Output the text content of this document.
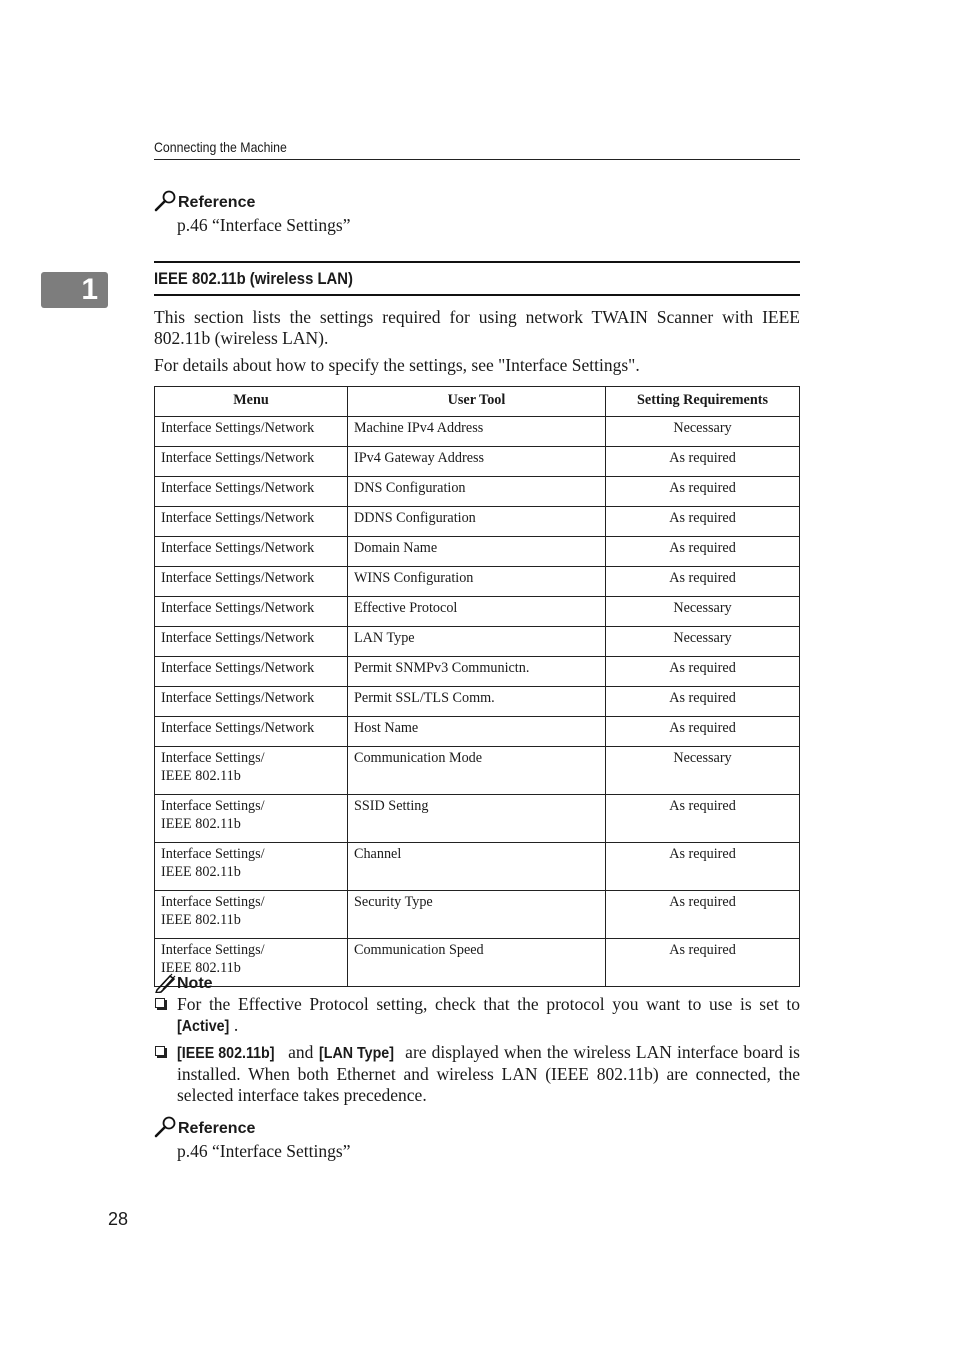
Connecting the Machine
Reference
p.46 “Interface Settings”
1	IEEE 802.11b (wireless LAN)
This section lists the settings required for using network TWAIN Scanner with IEEE 802.11b (wireless LAN).
For details about how to specify the settings, see "Interface Settings".
Menu	User Tool	Setting Requirements
Interface Settings/Network	Machine IPv4 Address	Necessary
Interface Settings/Network	IPv4 Gateway Address	As required
Interface Settings/Network	DNS Configuration	As required
Interface Settings/Network	DDNS Configuration	As required
Interface Settings/Network	Domain Name	As required
Interface Settings/Network	WINS Configuration	As required
Interface Settings/Network	Effective Protocol	Necessary
Interface Settings/Network	LAN Type	Necessary
Interface Settings/Network	Permit SNMPv3 Communictn.	As required
Interface Settings/Network	Permit SSL/TLS Comm.	As required
Interface Settings/Network	Host Name	As required
Interface Settings/
IEEE 802.11b	Communication Mode	Necessary
Interface Settings/
IEEE 802.11b	SSID Setting	As required
Interface Settings/
IEEE 802.11b	Channel	As required
Interface Settings/
IEEE 802.11b	Security Type	As required
Interface Settings/
IEEE 802.11b	Communication Speed	As required
Note
For the Effective Protocol setting, check that the protocol you want to use is set to [Active] .
[IEEE 802.11b] and [LAN Type] are displayed when the wireless LAN interface board is installed. When both Ethernet and wireless LAN (IEEE 802.11b) are connected, the selected interface takes precedence.
Reference
p.46 “Interface Settings”
28
